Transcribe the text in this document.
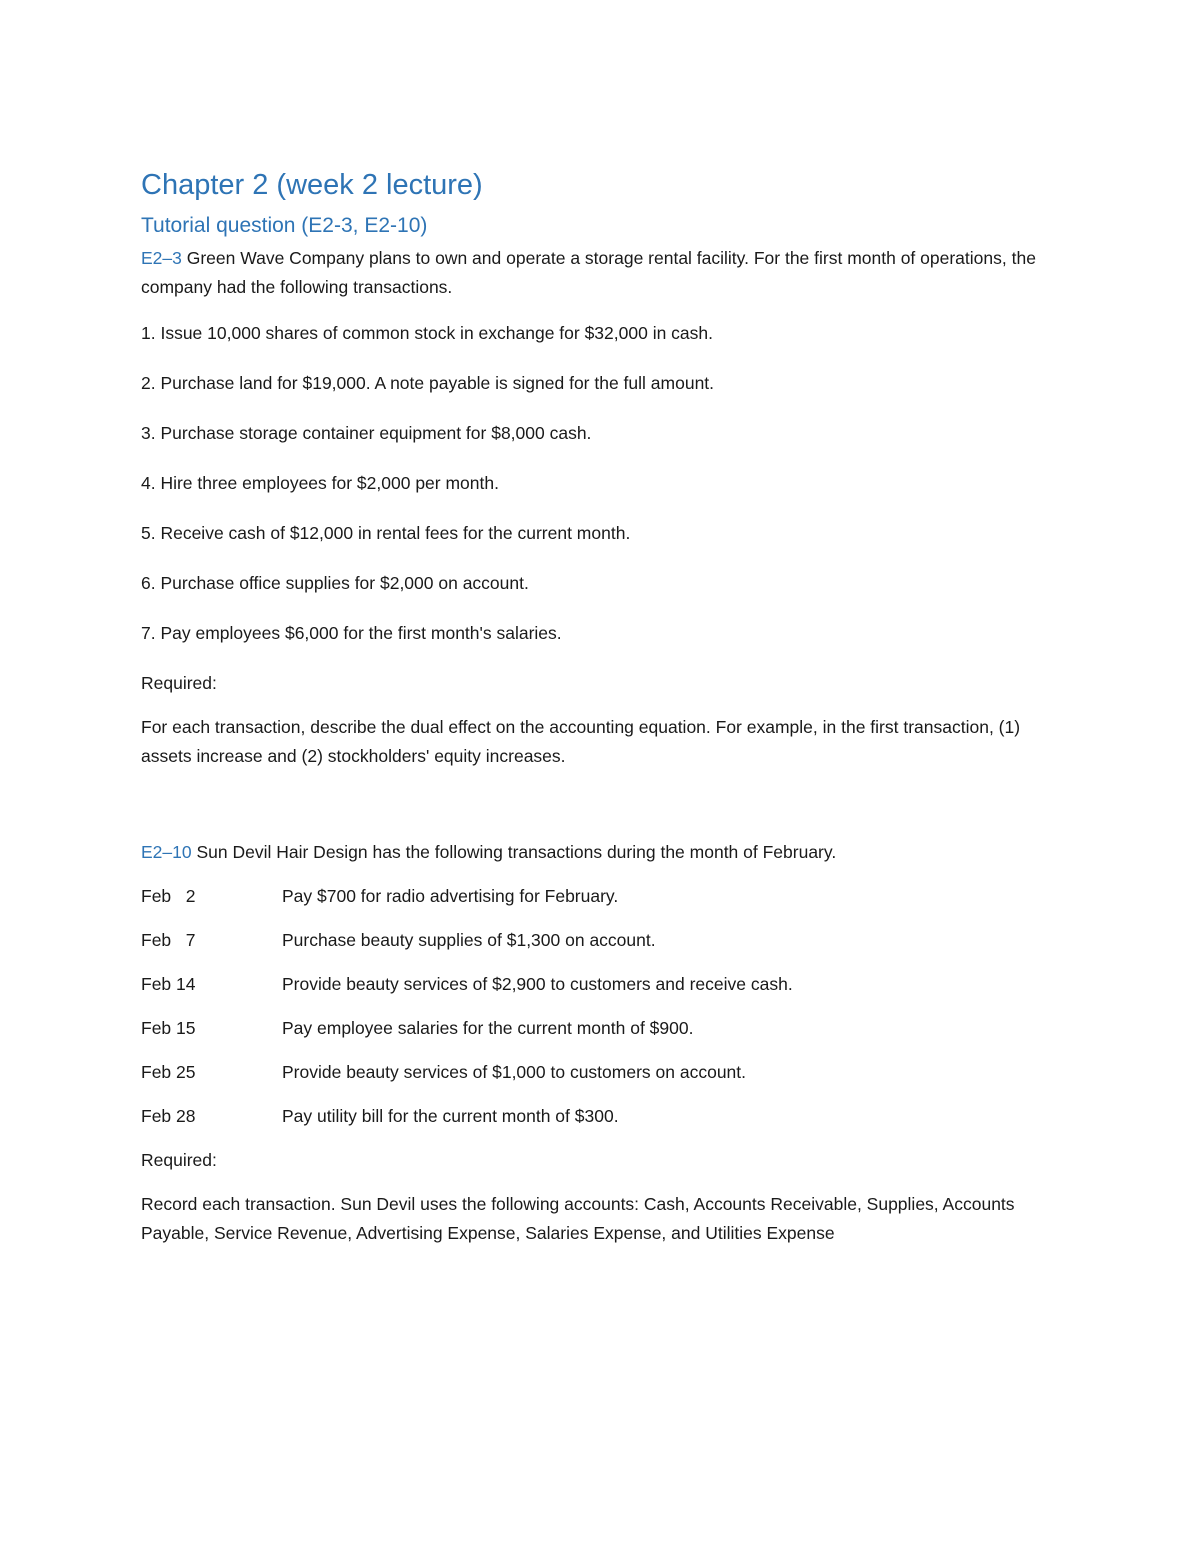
Chapter 2 (week 2 lecture)
Tutorial question (E2-3, E2-10)

E2–3 Green Wave Company plans to own and operate a storage rental facility. For the first month of operations, the company had the following transactions.

1. Issue 10,000 shares of common stock in exchange for $32,000 in cash.

2. Purchase land for $19,000. A note payable is signed for the full amount.

3. Purchase storage container equipment for $8,000 cash.

4. Hire three employees for $2,000 per month.

5. Receive cash of $12,000 in rental fees for the current month.

6. Purchase office supplies for $2,000 on account.

7. Pay employees $6,000 for the first month's salaries.

Required:

For each transaction, describe the dual effect on the accounting equation. For example, in the first transaction, (1) assets increase and (2) stockholders' equity increases.

E2–10 Sun Devil Hair Design has the following transactions during the month of February.

Feb   2	Pay $700 for radio advertising for February.
Feb   7	Purchase beauty supplies of $1,300 on account.
Feb 14	Provide beauty services of $2,900 to customers and receive cash.
Feb 15	Pay employee salaries for the current month of $900.
Feb 25	Provide beauty services of $1,000 to customers on account.
Feb 28	Pay utility bill for the current month of $300.

Required:

Record each transaction. Sun Devil uses the following accounts: Cash, Accounts Receivable, Supplies, Accounts Payable, Service Revenue, Advertising Expense, Salaries Expense, and Utilities Expense
